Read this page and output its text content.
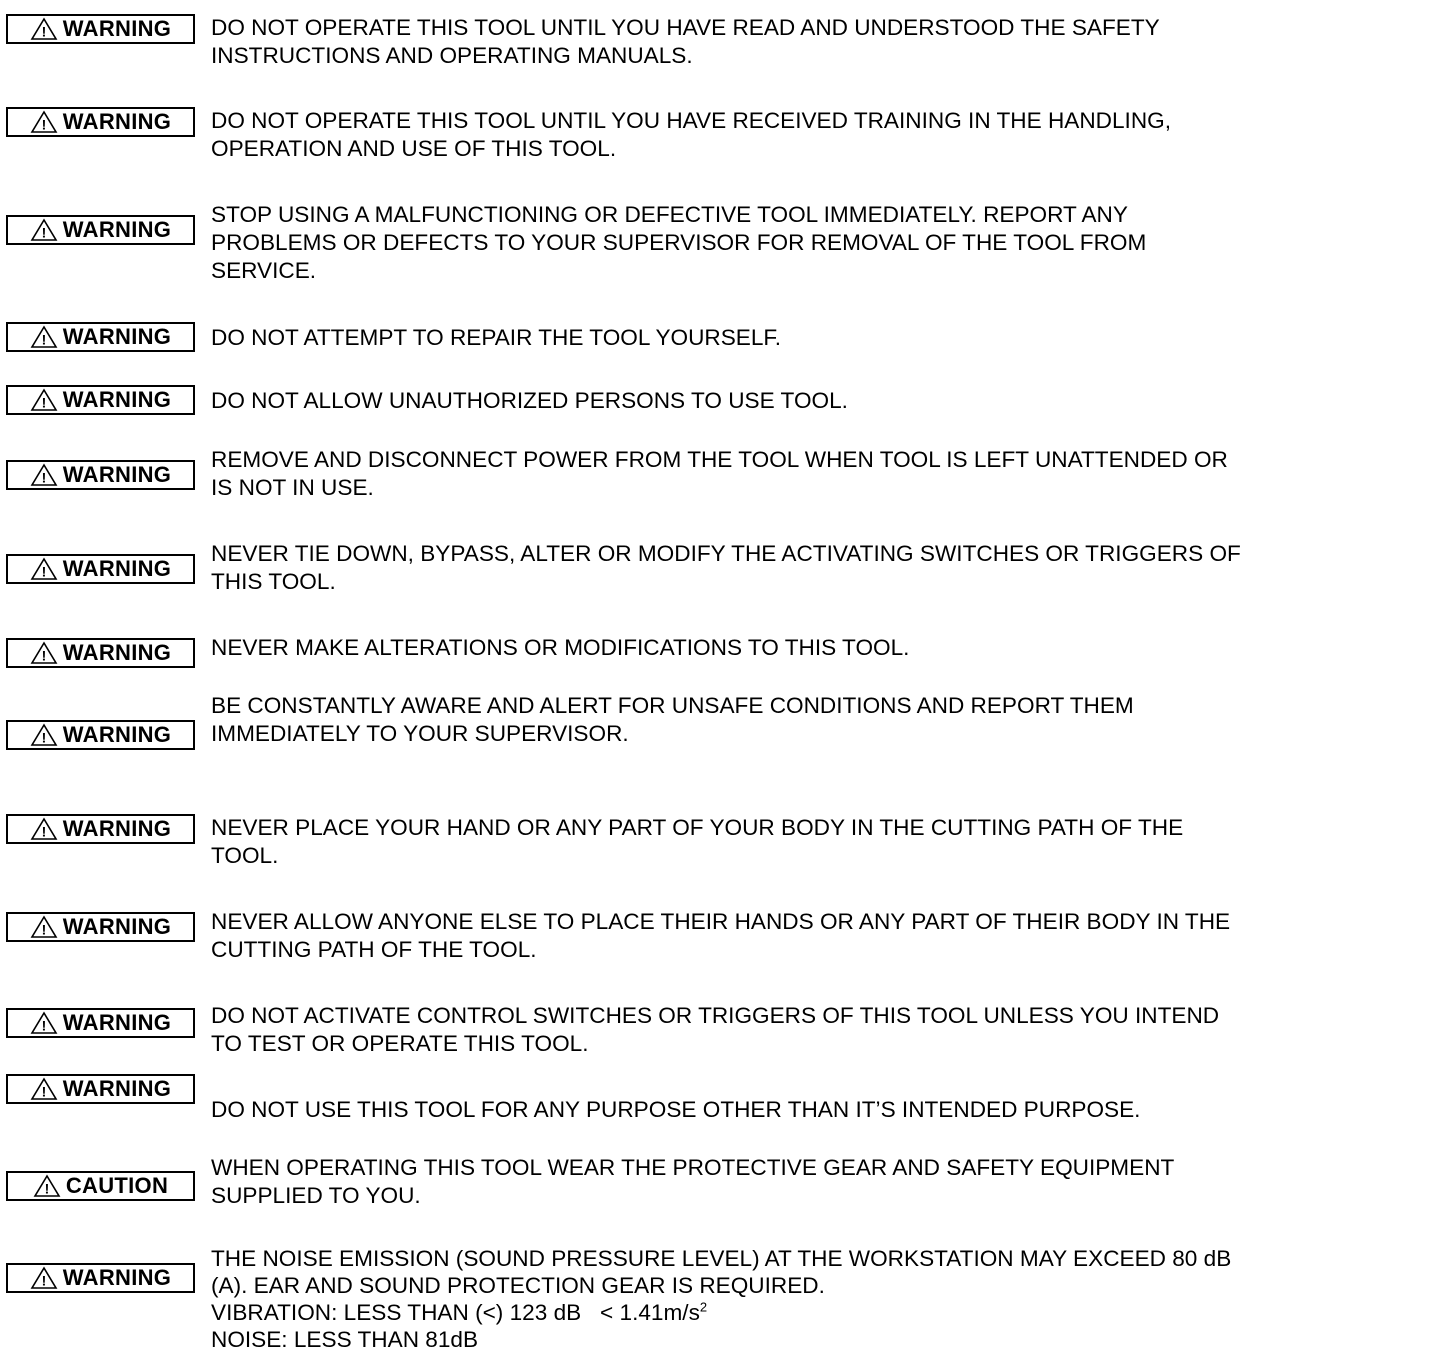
! WARNING DO NOT OPERATE THIS TOOL UNTIL YOU HAVE READ AND UNDERSTOOD THE SAFETY
INSTRUCTIONS AND OPERATING MANUALS.
! WARNING DO NOT OPERATE THIS TOOL UNTIL YOU HAVE RECEIVED TRAINING IN THE HANDLING,
OPERATION AND USE OF THIS TOOL.
! WARNING
STOP USING A MALFUNCTIONING OR DEFECTIVE TOOL IMMEDIATELY. REPORT ANY
PROBLEMS OR DEFECTS TO YOUR SUPERVISOR FOR REMOVAL OF THE TOOL FROM
SERVICE.
! WARNING DO NOT ATTEMPT TO REPAIR THE TOOL YOURSELF.
! WARNING DO NOT ALLOW UNAUTHORIZED PERSONS TO USE TOOL.
! WARNING
REMOVE AND DISCONNECT POWER FROM THE TOOL WHEN TOOL IS LEFT UNATTENDED OR
IS NOT IN USE.
! WARNING
NEVER TIE DOWN, BYPASS, ALTER OR MODIFY THE ACTIVATING SWITCHES OR TRIGGERS OF
THIS TOOL.
! WARNING NEVER MAKE ALTERATIONS OR MODIFICATIONS TO THIS TOOL.
! WARNING
BE CONSTANTLY AWARE AND ALERT FOR UNSAFE CONDITIONS AND REPORT THEM
IMMEDIATELY TO YOUR SUPERVISOR.
! WARNING NEVER PLACE YOUR HAND OR ANY PART OF YOUR BODY IN THE CUTTING PATH OF THE
TOOL.
! WARNING NEVER ALLOW ANYONE ELSE TO PLACE THEIR HANDS OR ANY PART OF THEIR BODY IN THE
CUTTING PATH OF THE TOOL.
! WARNING DO NOT ACTIVATE CONTROL SWITCHES OR TRIGGERS OF THIS TOOL UNLESS YOU INTEND
TO TEST OR OPERATE THIS TOOL.
! WARNING
DO NOT USE THIS TOOL FOR ANY PURPOSE OTHER THAN IT’S INTENDED PURPOSE.
! CAUTION
WHEN OPERATING THIS TOOL WEAR THE PROTECTIVE GEAR AND SAFETY EQUIPMENT
SUPPLIED TO YOU.
! WARNING
THE NOISE EMISSION (SOUND PRESSURE LEVEL) AT THE WORKSTATION MAY EXCEED 80 dB
(A). EAR AND SOUND PROTECTION GEAR IS REQUIRED.
VIBRATION: LESS THAN (<) 123 dB   < $1.41m/s^2$
NOISE: LESS THAN 81dB
